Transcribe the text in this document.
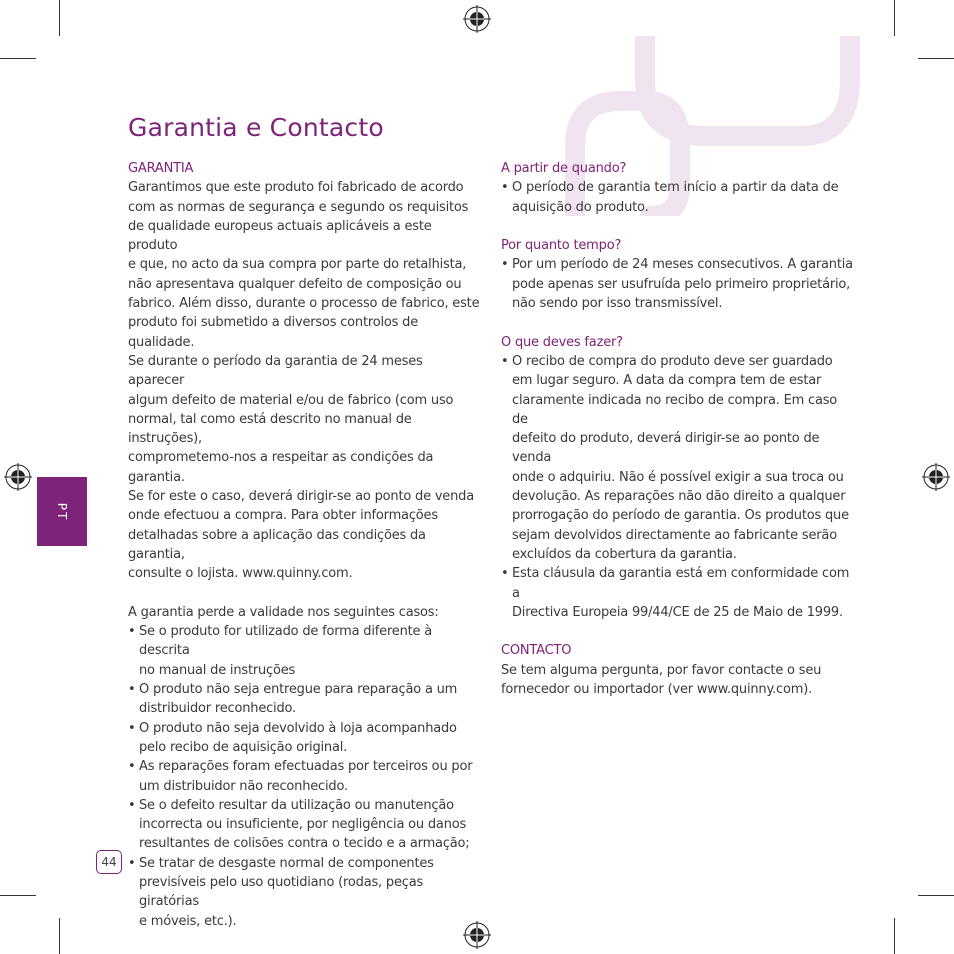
Garantia e Contacto

GARANTIA

Garantimos que este produto foi fabricado de acordo
com as normas de segurança e segundo os requisitos
de qualidade europeus actuais aplicáveis a este produto
e que, no acto da sua compra por parte do retalhista,
não apresentava qualquer defeito de composição ou
fabrico. Além disso, durante o processo de fabrico, este
produto foi submetido a diversos controlos de qualidade.
Se durante o período da garantia de 24 meses aparecer
algum defeito de material e/ou de fabrico (com uso
normal, tal como está descrito no manual de instruções),
comprometemo-nos a respeitar as condições da garantia.
Se for este o caso, deverá dirigir-se ao ponto de venda
onde efectuou a compra. Para obter informações
detalhadas sobre a aplicação das condições da garantia,
consulte o lojista. www.quinny.com.

A garantia perde a validade nos seguintes casos:

• Se o produto for utilizado de forma diferente à descrita
no manual de instruções
• O produto não seja entregue para reparação a um
distribuidor reconhecido.
• O produto não seja devolvido à loja acompanhado
pelo recibo de aquisição original.
• As reparações foram efectuadas por terceiros ou por
um distribuidor não reconhecido.
• Se o defeito resultar da utilização ou manutenção
incorrecta ou insuficiente, por negligência ou danos
resultantes de colisões contra o tecido e a armação;
• Se tratar de desgaste normal de componentes
previsíveis pelo uso quotidiano (rodas, peças giratórias
e móveis, etc.).

A partir de quando?

• O período de garantia tem início a partir da data de
aquisição do produto.

Por quanto tempo?

• Por um período de 24 meses consecutivos. A garantia
pode apenas ser usufruída pelo primeiro proprietário,
não sendo por isso transmissível.

O que deves fazer?

• O recibo de compra do produto deve ser guardado
em lugar seguro. A data da compra tem de estar
claramente indicada no recibo de compra. Em caso de
defeito do produto, deverá dirigir-se ao ponto de venda
onde o adquiriu. Não é possível exigir a sua troca ou
devolução. As reparações não dão direito a qualquer
prorrogação do período de garantia. Os produtos que
sejam devolvidos directamente ao fabricante serão
excluídos da cobertura da garantia.
• Esta cláusula da garantia está em conformidade com a
Directiva Europeia 99/44/CE de 25 de Maio de 1999.

CONTACTO

Se tem alguma pergunta, por favor contacte o seu
fornecedor ou importador (ver www.quinny.com).
PT
44
